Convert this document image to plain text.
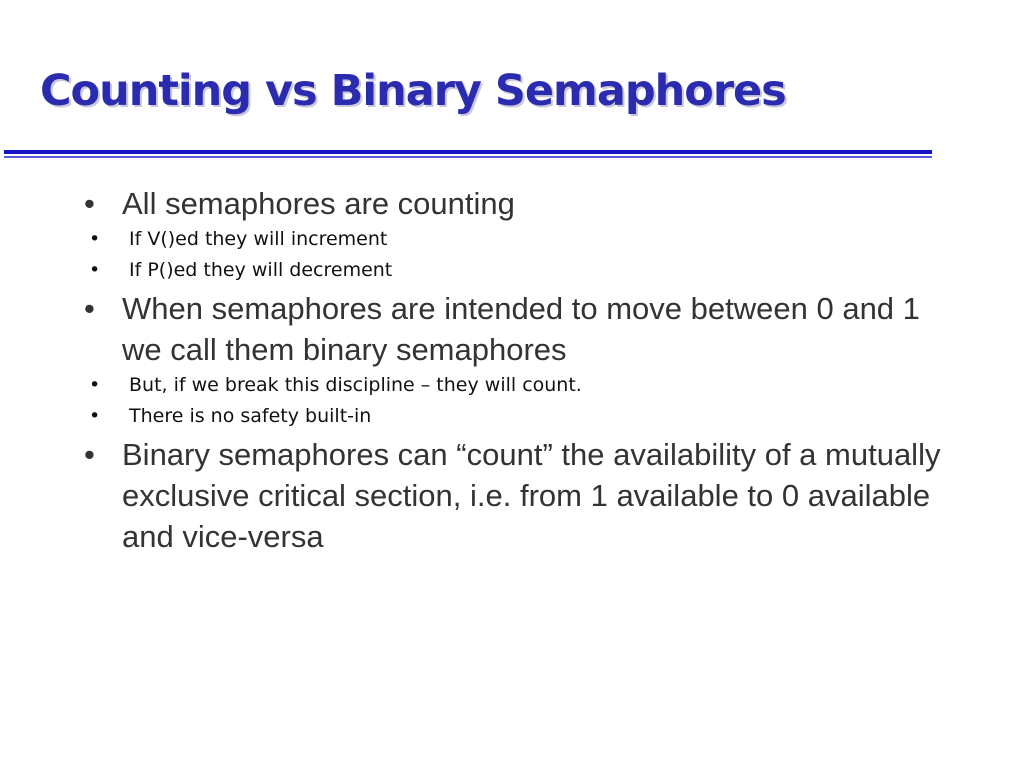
Counting vs Binary Semaphores
• All semaphores are counting
• If V()ed they will increment
• If P()ed they will decrement
• When semaphores are intended to move between 0 and 1 we call them binary semaphores
• But, if we break this discipline – they will count.
• There is no safety built-in
• Binary semaphores can “count” the availability of a mutually exclusive critical section, i.e. from 1 available to 0 available and vice-versa
